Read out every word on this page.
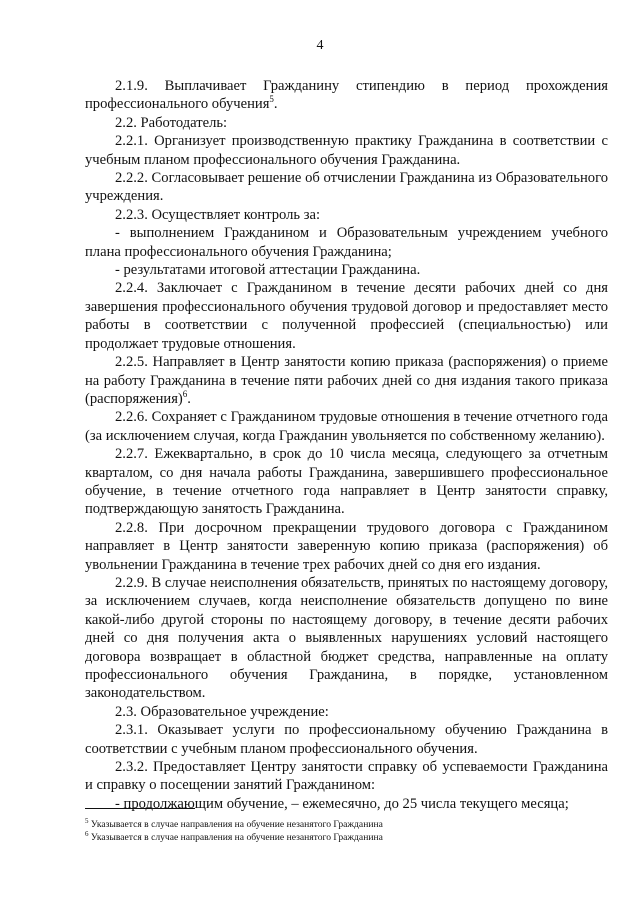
4

2.1.9. Выплачивает Гражданину стипендию в период прохождения профессионального обучения$^5$.

2.2. Работодатель:

2.2.1. Организует производственную практику Гражданина в соответствии с учебным планом профессионального обучения Гражданина.

2.2.2. Согласовывает решение об отчислении Гражданина из Образовательного учреждения.

2.2.3. Осуществляет контроль за:

- выполнением Гражданином и Образовательным учреждением учебного плана профессионального обучения Гражданина;

- результатами итоговой аттестации Гражданина.

2.2.4. Заключает с Гражданином в течение десяти рабочих дней со дня завершения профессионального обучения трудовой договор и предоставляет место работы в соответствии с полученной профессией (специальностью) или продолжает трудовые отношения.

2.2.5. Направляет в Центр занятости копию приказа (распоряжения) о приеме на работу Гражданина в течение пяти рабочих дней со дня издания такого приказа (распоряжения)$^6$.

2.2.6. Сохраняет с Гражданином трудовые отношения в течение отчетного года (за исключением случая, когда Гражданин увольняется по собственному желанию).

2.2.7. Ежеквартально, в срок до 10 числа месяца, следующего за отчетным кварталом, со дня начала работы Гражданина, завершившего профессиональное обучение, в течение отчетного года направляет в Центр занятости справку, подтверждающую занятость Гражданина.

2.2.8. При досрочном прекращении трудового договора с Гражданином направляет в Центр занятости заверенную копию приказа (распоряжения) об увольнении Гражданина в течение трех рабочих дней со дня его издания.

2.2.9. В случае неисполнения обязательств, принятых по настоящему договору, за исключением случаев, когда неисполнение обязательств допущено по вине какой-либо другой стороны по настоящему договору, в течение десяти рабочих дней со дня получения акта о выявленных нарушениях условий настоящего договора возвращает в областной бюджет средства, направленные на оплату профессионального обучения Гражданина, в порядке, установленном законодательством.

2.3. Образовательное учреждение:

2.3.1. Оказывает услуги по профессиональному обучению Гражданина в соответствии с учебным планом профессионального обучения.

2.3.2. Предоставляет Центру занятости справку об успеваемости Гражданина и справку о посещении занятий Гражданином:

- продолжающим обучение, – ежемесячно, до 25 числа текущего месяца;

$^5$ Указывается в случае направления на обучение незанятого Гражданина

$^6$ Указывается в случае направления на обучение незанятого Гражданина
